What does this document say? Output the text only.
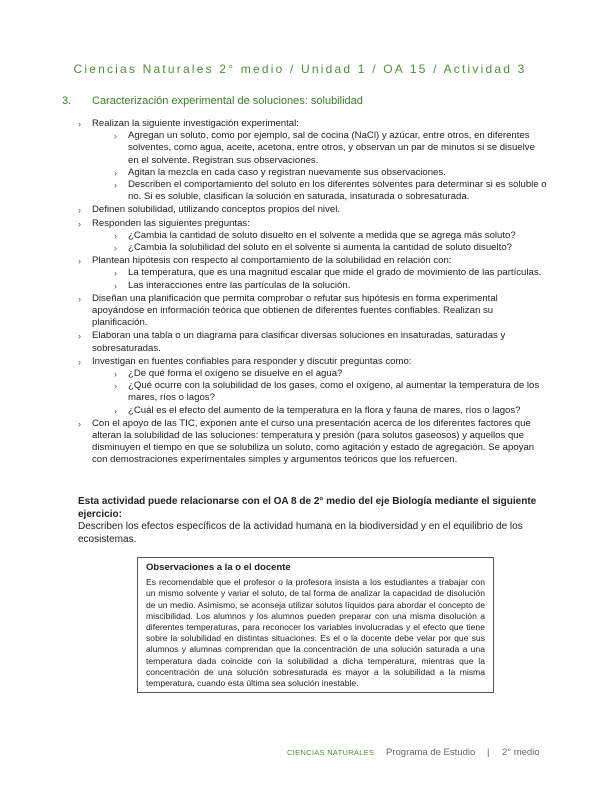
Ciencias Naturales 2° medio / Unidad 1 / OA 15 / Actividad 3
3. Caracterización experimental de soluciones: solubilidad
› Realizan la siguiente investigación experimental:
› Agregan un soluto, como por ejemplo, sal de cocina (NaCl) y azúcar, entre otros, en diferentes solventes, como agua, aceite, acetona, entre otros, y observan un par de minutos si se disuelve en el solvente. Registran sus observaciones.
› Agitan la mezcla en cada caso y registran nuevamente sus observaciones.
› Describen el comportamiento del soluto en los diferentes solventes para determinar si es soluble o no. Si es soluble, clasifican la solución en saturada, insaturada o sobresaturada.
› Definen solubilidad, utilizando conceptos propios del nivel.
› Responden las siguientes preguntas:
› ¿Cambia la cantidad de soluto disuelto en el solvente a medida que se agrega más soluto?
› ¿Cambia la solubilidad del soluto en el solvente si aumenta la cantidad de soluto disuelto?
› Plantean hipótesis con respecto al comportamiento de la solubilidad en relación con:
› La temperatura, que es una magnitud escalar que mide el grado de movimiento de las partículas.
› Las interacciones entre las partículas de la solución.
› Diseñan una planificación que permita comprobar o refutar sus hipótesis en forma experimental apoyándose en información teórica que obtienen de diferentes fuentes confiables. Realizan su planificación.
› Elaboran una tabla o un diagrama para clasificar diversas soluciones en insaturadas, saturadas y sobresaturadas.
› Investigan en fuentes confiables para responder y discutir preguntas como:
› ¿De qué forma el oxígeno se disuelve en el agua?
› ¿Qué ocurre con la solubilidad de los gases, como el oxígeno, al aumentar la temperatura de los mares, ríos o lagos?
› ¿Cuál es el efecto del aumento de la temperatura en la flora y fauna de mares, ríos o lagos?
› Con el apoyo de las TIC, exponen ante el curso una presentación acerca de los diferentes factores que alteran la solubilidad de las soluciones: temperatura y presión (para solutos gaseosos) y aquellos que disminuyen el tiempo en que se solubiliza un soluto, como agitación y estado de agregación. Se apoyan con demostraciones experimentales simples y argumentos teóricos que los refuercen.
Esta actividad puede relacionarse con el OA 8 de 2° medio del eje Biología mediante el siguiente ejercicio:
Describen los efectos específicos de la actividad humana en la biodiversidad y en el equilibrio de los ecosistemas.
Observaciones a la o el docente
Es recomendable que el profesor o la profesora insista a los estudiantes a trabajar con un mismo solvente y variar el soluto, de tal forma de analizar la capacidad de disolución de un medio. Asimismo, se aconseja utilizar solutos líquidos para abordar el concepto de miscibilidad. Los alumnos y los alumnos pueden preparar con una misma disolución a diferentes temperaturas, para reconocer los variables involucradas y el efecto que tiene sobre la solubilidad en distintas situaciones. Es el o la docente debe velar por que sus alumnos y alumnas comprendan que la concentración de una solución saturada a una temperatura dada coincide con la solubilidad a dicha temperatura, mientras que la concentración de una solución sobresaturada es mayor a la solubilidad a la misma temperatura, cuando esta última sea solución inestable.
CIENCIAS NATURALES Programa de Estudio | 2° medio
